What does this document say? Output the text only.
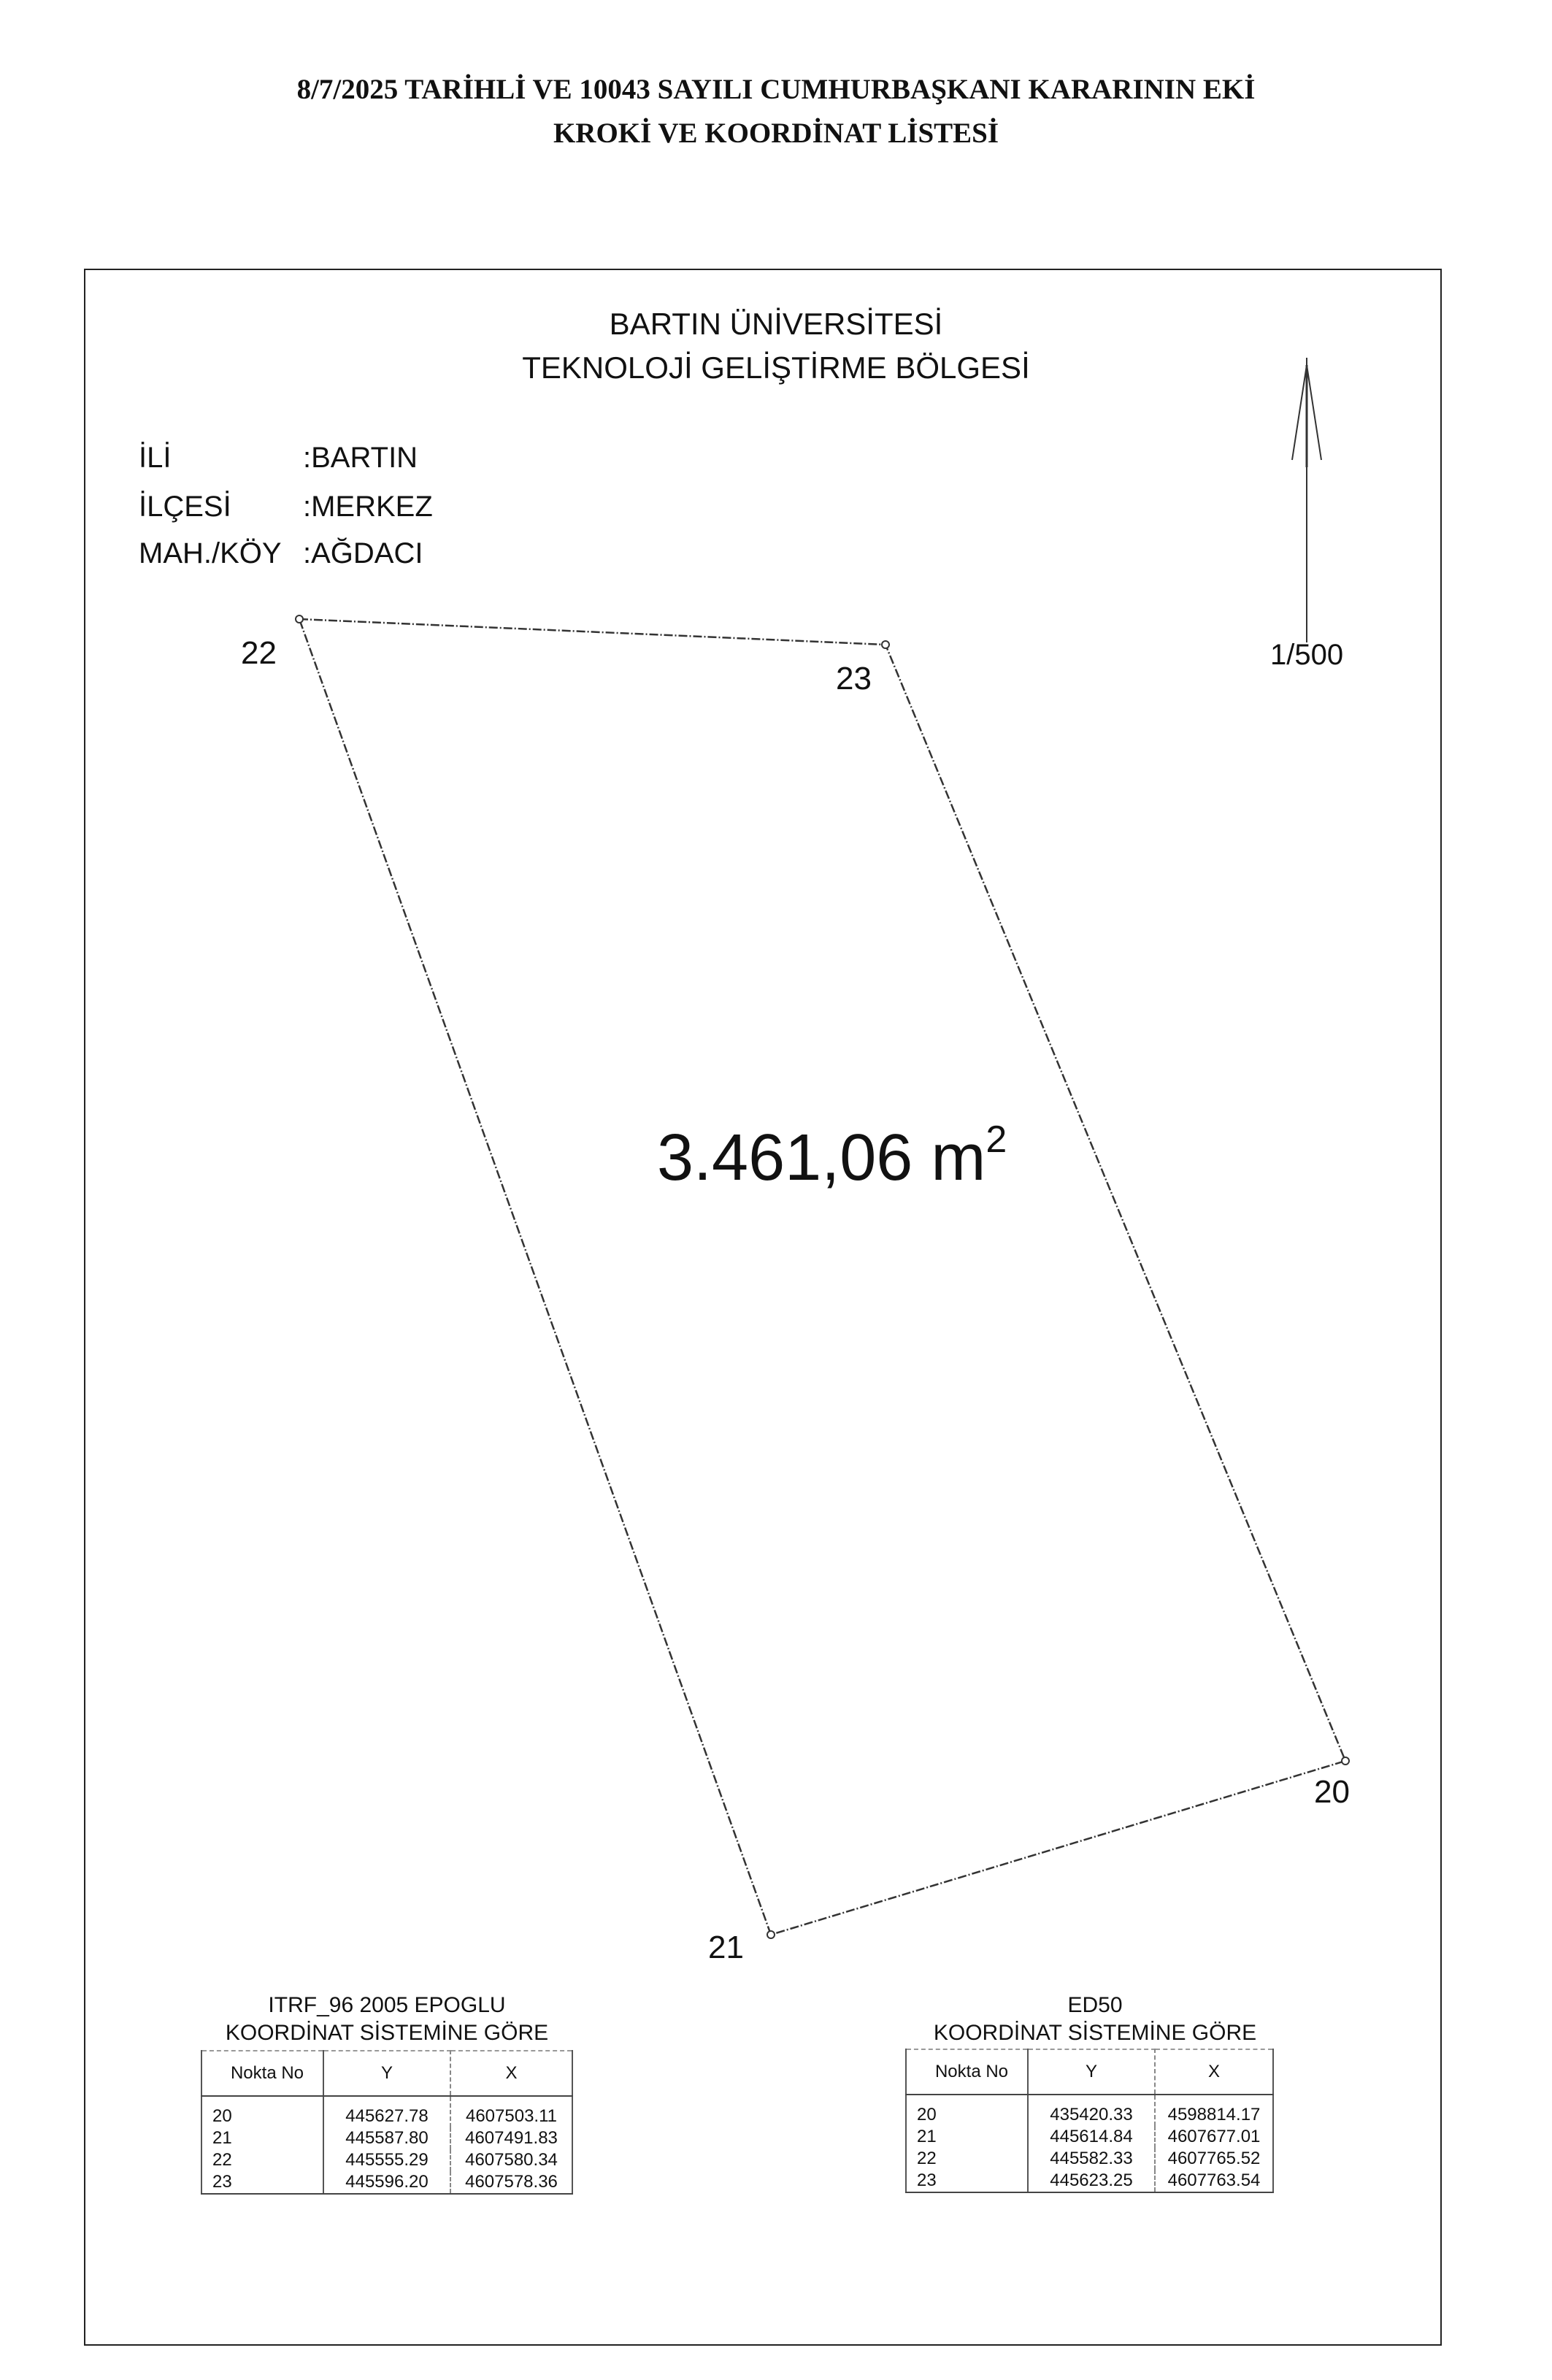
8/7/2025 TARİHLİ VE 10043 SAYILI CUMHURBAŞKANI KARARININ EKİ
KROKİ VE KOORDİNAT LİSTESİ
BARTIN ÜNİVERSİTESİ
TEKNOLOJİ GELİŞTİRME BÖLGESİ
İLİ	:BARTIN
İLÇESİ :MERKEZ
MAH./KÖY :AĞDACI
1/500
22
23
20
21
3.461,06 $m^2$
ITRF_96 2005 EPOGLU
KOORDİNAT SİSTEMİNE GÖRE
Nokta No	Y	X
20	445627.78	4607503.11
21	445587.80	4607491.83
22	445555.29	4607580.34
23	445596.20	4607578.36
ED50
KOORDİNAT SİSTEMİNE GÖRE
Nokta No	Y	X
20	435420.33	4598814.17
21	445614.84	4607677.01
22	445582.33	4607765.52
23	445623.25	4607763.54
